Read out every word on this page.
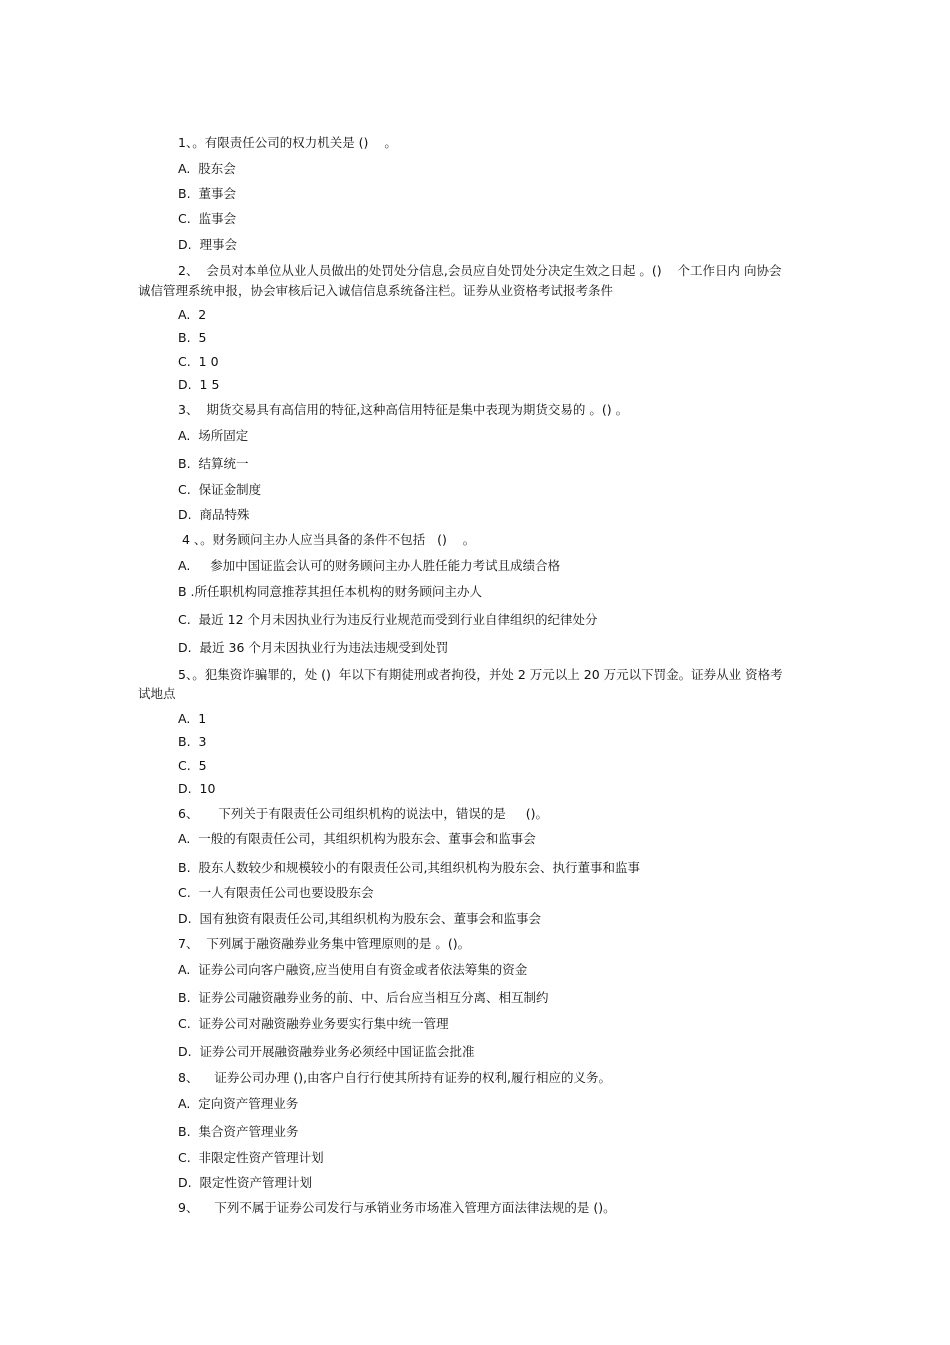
1、。有限责任公司的权力机关是 ()    。
A.  股东会
B.  董事会
C.  监事会
D.  理事会
2、  会员对本单位从业人员做出的处罚处分信息,会员应自处罚处分决定生效之日起 。()    个工作日内 向协会
诚信管理系统申报，协会审核后记入诚信信息系统备注栏。证券从业资格考试报考条件
A.  2
B.  5
C.  1 0
D.  1 5
3、  期货交易具有高信用的特征,这种高信用特征是集中表现为期货交易的 。() 。
A.  场所固定
B.  结算统一
C.  保证金制度
D.  商品特殊
4 、。财务顾问主办人应当具备的条件不包括   ()    。
A.     参加中国证监会认可的财务顾问主办人胜任能力考试且成绩合格
B .所任职机构同意推荐其担任本机构的财务顾问主办人
C.  最近 12 个月未因执业行为违反行业规范而受到行业自律组织的纪律处分
D.  最近 36 个月未因执业行为违法违规受到处罚
5、。犯集资诈骗罪的，处 ()  年以下有期徒刑或者拘役，并处 2 万元以上 20 万元以下罚金。证券从业 资格考
试地点
A.  1
B.  3
C.  5
D.  10
6、     下列关于有限责任公司组织机构的说法中，错误的是     ()。
A.  一般的有限责任公司，其组织机构为股东会、董事会和监事会
B.  股东人数较少和规模较小的有限责任公司,其组织机构为股东会、执行董事和监事
C.  一人有限责任公司也要设股东会
D.  国有独资有限责任公司,其组织机构为股东会、董事会和监事会
7、  下列属于融资融券业务集中管理原则的是 。()。
A.  证券公司向客户融资,应当使用自有资金或者依法筹集的资金
B.  证券公司融资融券业务的前、中、后台应当相互分离、相互制约
C.  证券公司对融资融券业务要实行集中统一管理
D.  证券公司开展融资融券业务必须经中国证监会批准
8、    证券公司办理 (),由客户自行行使其所持有证券的权利,履行相应的义务。
A.  定向资产管理业务
B.  集合资产管理业务
C.  非限定性资产管理计划
D.  限定性资产管理计划
9、    下列不属于证券公司发行与承销业务市场准入管理方面法律法规的是 ()。
